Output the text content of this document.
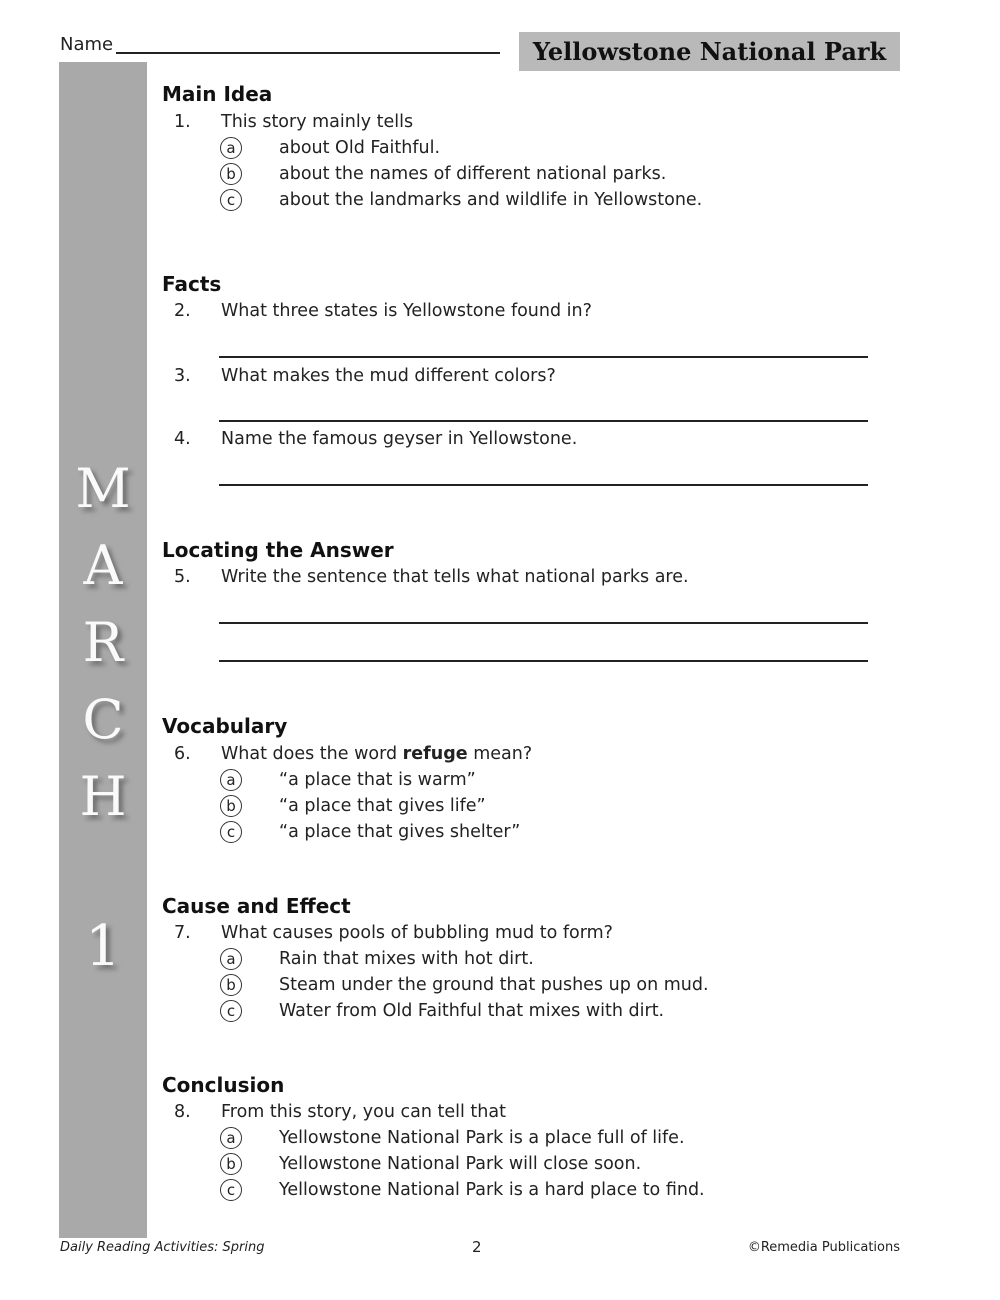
Name	Yellowstone National Park
M
A
R
C
H
1
Main Idea
1. This story mainly tells
a	about Old Faithful.
b	about the names of different national parks.
c	about the landmarks and wildlife in Yellowstone.
Facts
2. What three states is Yellowstone found in?
3. What makes the mud different colors?
4. Name the famous geyser in Yellowstone.
Locating the Answer
5. Write the sentence that tells what national parks are.
Vocabulary
6. What does the word refuge mean?
a	“a place that is warm”
b	“a place that gives life”
c	“a place that gives shelter”
Cause and Effect
7. What causes pools of bubbling mud to form?
a	Rain that mixes with hot dirt.
b	Steam under the ground that pushes up on mud.
c	Water from Old Faithful that mixes with dirt.
Conclusion
8. From this story, you can tell that
a	Yellowstone National Park is a place full of life.
b	Yellowstone National Park will close soon.
c	Yellowstone National Park is a hard place to find.
Daily Reading Activities: Spring	2	©Remedia Publications
